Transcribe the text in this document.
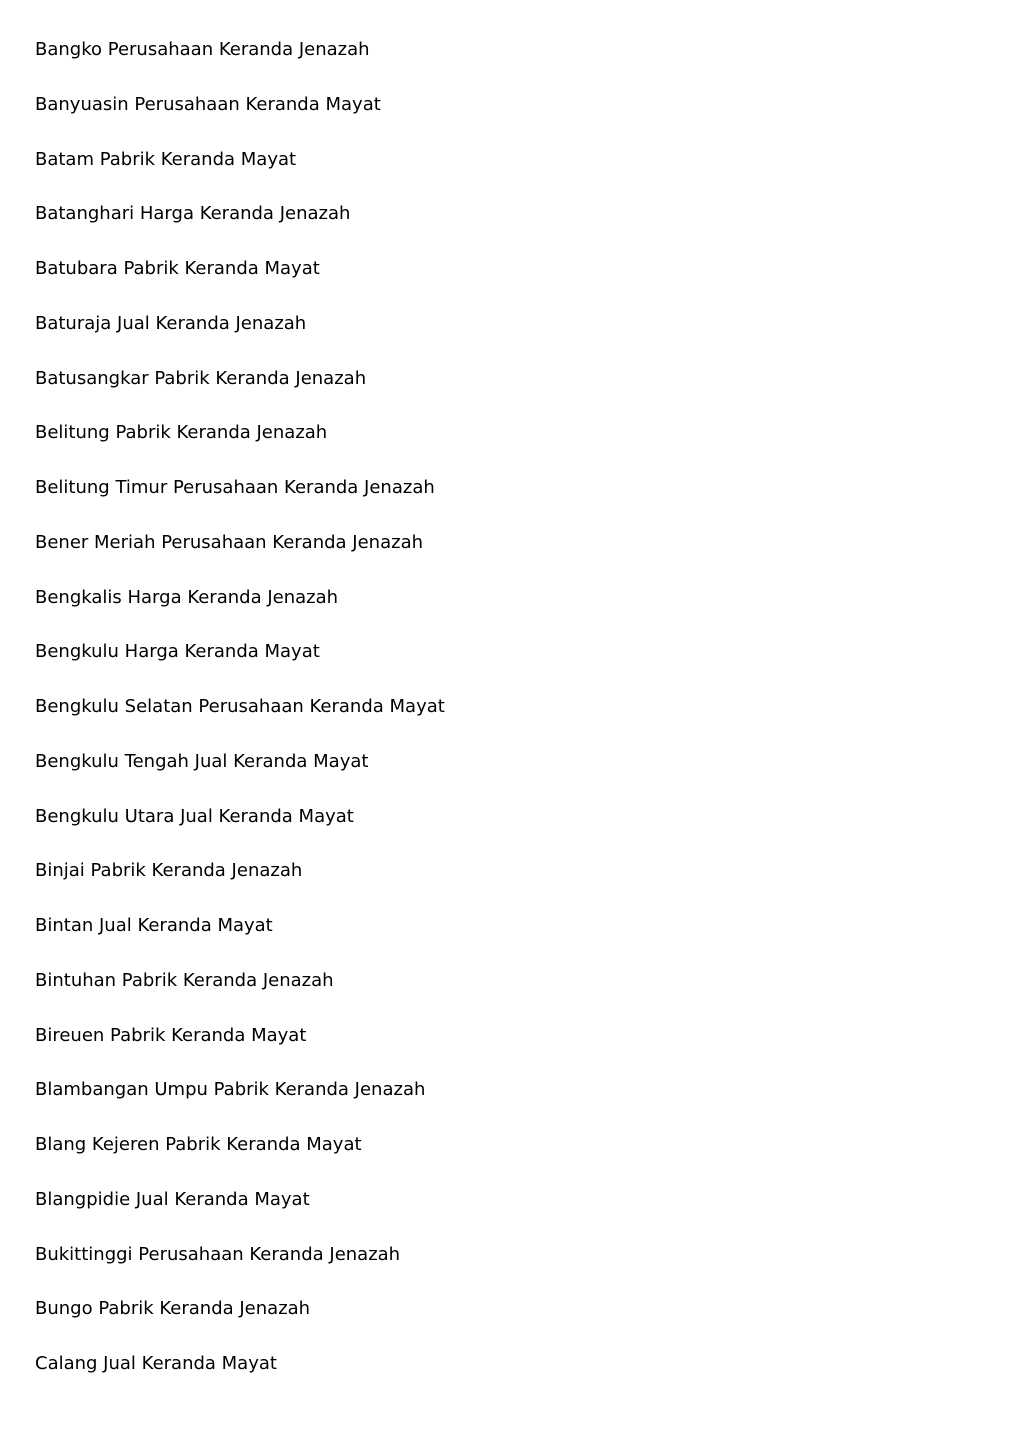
Bangko Perusahaan Keranda Jenazah
Banyuasin Perusahaan Keranda Mayat
Batam Pabrik Keranda Mayat
Batanghari Harga Keranda Jenazah
Batubara Pabrik Keranda Mayat
Baturaja Jual Keranda Jenazah
Batusangkar Pabrik Keranda Jenazah
Belitung Pabrik Keranda Jenazah
Belitung Timur Perusahaan Keranda Jenazah
Bener Meriah Perusahaan Keranda Jenazah
Bengkalis Harga Keranda Jenazah
Bengkulu Harga Keranda Mayat
Bengkulu Selatan Perusahaan Keranda Mayat
Bengkulu Tengah Jual Keranda Mayat
Bengkulu Utara Jual Keranda Mayat
Binjai Pabrik Keranda Jenazah
Bintan Jual Keranda Mayat
Bintuhan Pabrik Keranda Jenazah
Bireuen Pabrik Keranda Mayat
Blambangan Umpu Pabrik Keranda Jenazah
Blang Kejeren Pabrik Keranda Mayat
Blangpidie Jual Keranda Mayat
Bukittinggi Perusahaan Keranda Jenazah
Bungo Pabrik Keranda Jenazah
Calang Jual Keranda Mayat
